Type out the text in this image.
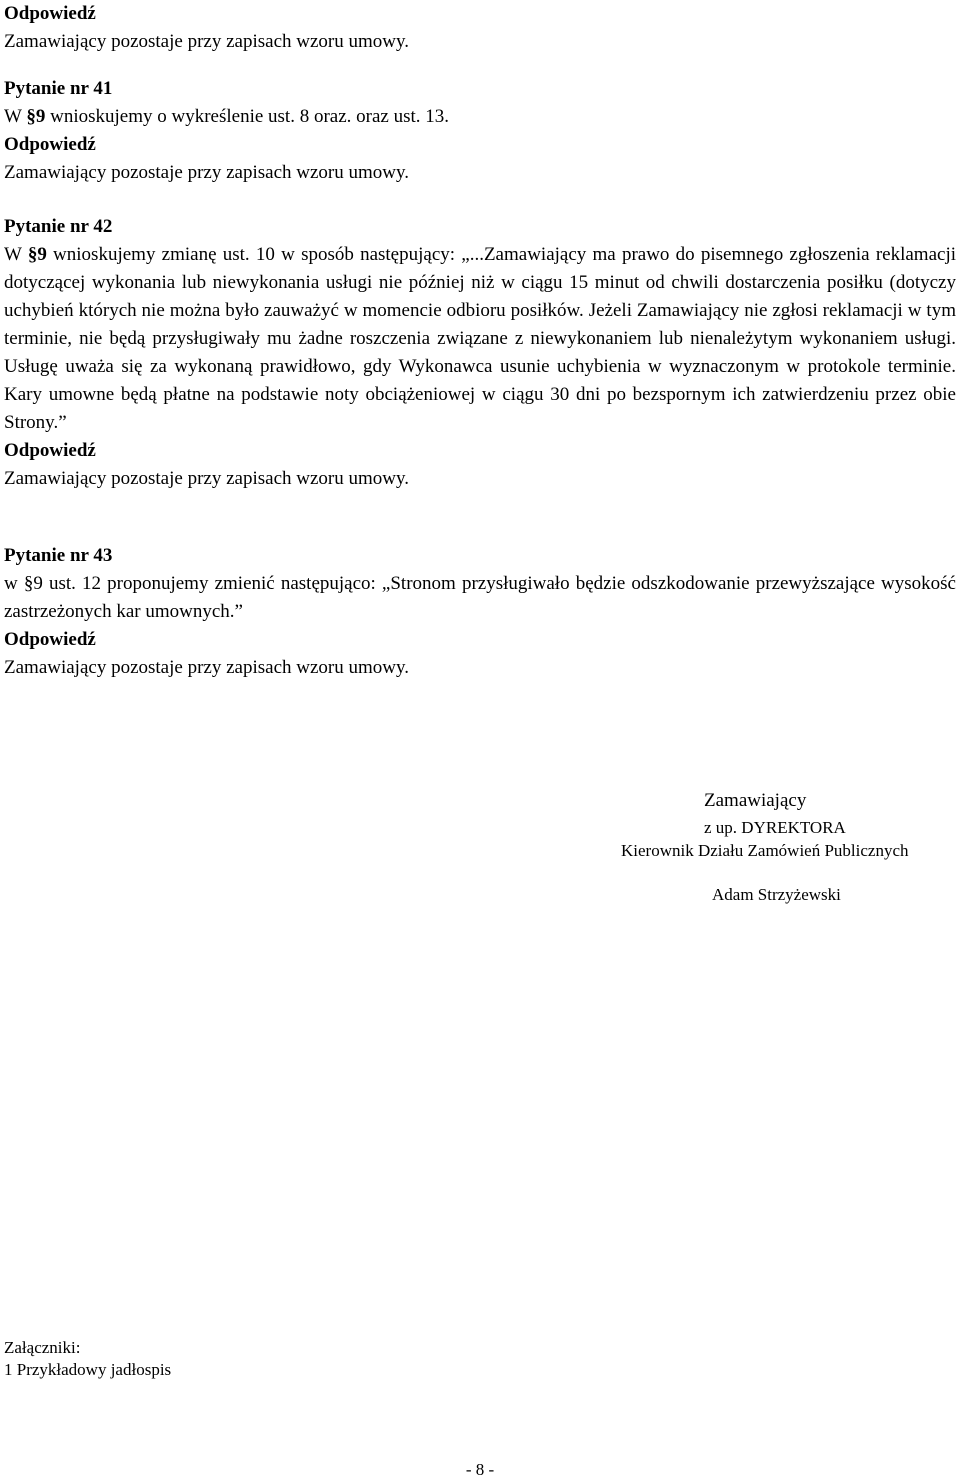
Odpowiedź

Zamawiający pozostaje przy zapisach wzoru umowy.

Pytanie nr 41

W §9 wnioskujemy o wykreślenie ust. 8 oraz. oraz ust. 13.

Odpowiedź

Zamawiający pozostaje przy zapisach wzoru umowy.

Pytanie nr 42

W §9 wnioskujemy zmianę ust. 10 w sposób następujący: „...Zamawiający ma prawo do pisemnego zgłoszenia reklamacji dotyczącej wykonania lub niewykonania usługi nie później niż w ciągu 15 minut od chwili dostarczenia posiłku (dotyczy uchybień których nie można było zauważyć w momencie odbioru posiłków. Jeżeli Zamawiający nie zgłosi reklamacji w tym terminie, nie będą przysługiwały mu żadne roszczenia związane z niewykonaniem lub nienależytym wykonaniem usługi. Usługę uważa się za wykonaną prawidłowo, gdy Wykonawca usunie uchybienia w wyznaczonym w protokole terminie. Kary umowne będą płatne na podstawie noty obciążeniowej w ciągu 30 dni po bezspornym ich zatwierdzeniu przez obie Strony.”

Odpowiedź

Zamawiający pozostaje przy zapisach wzoru umowy.

Pytanie nr 43

w §9 ust. 12 proponujemy zmienić następująco: „Stronom przysługiwało będzie odszkodowanie przewyższające wysokość zastrzeżonych kar umownych.”

Odpowiedź

Zamawiający pozostaje przy zapisach wzoru umowy.

Zamawiający
z up. DYREKTORA
Kierownik Działu Zamówień Publicznych
Adam Strzyżewski
Załączniki:
1 Przykładowy jadłospis
- 8 -
